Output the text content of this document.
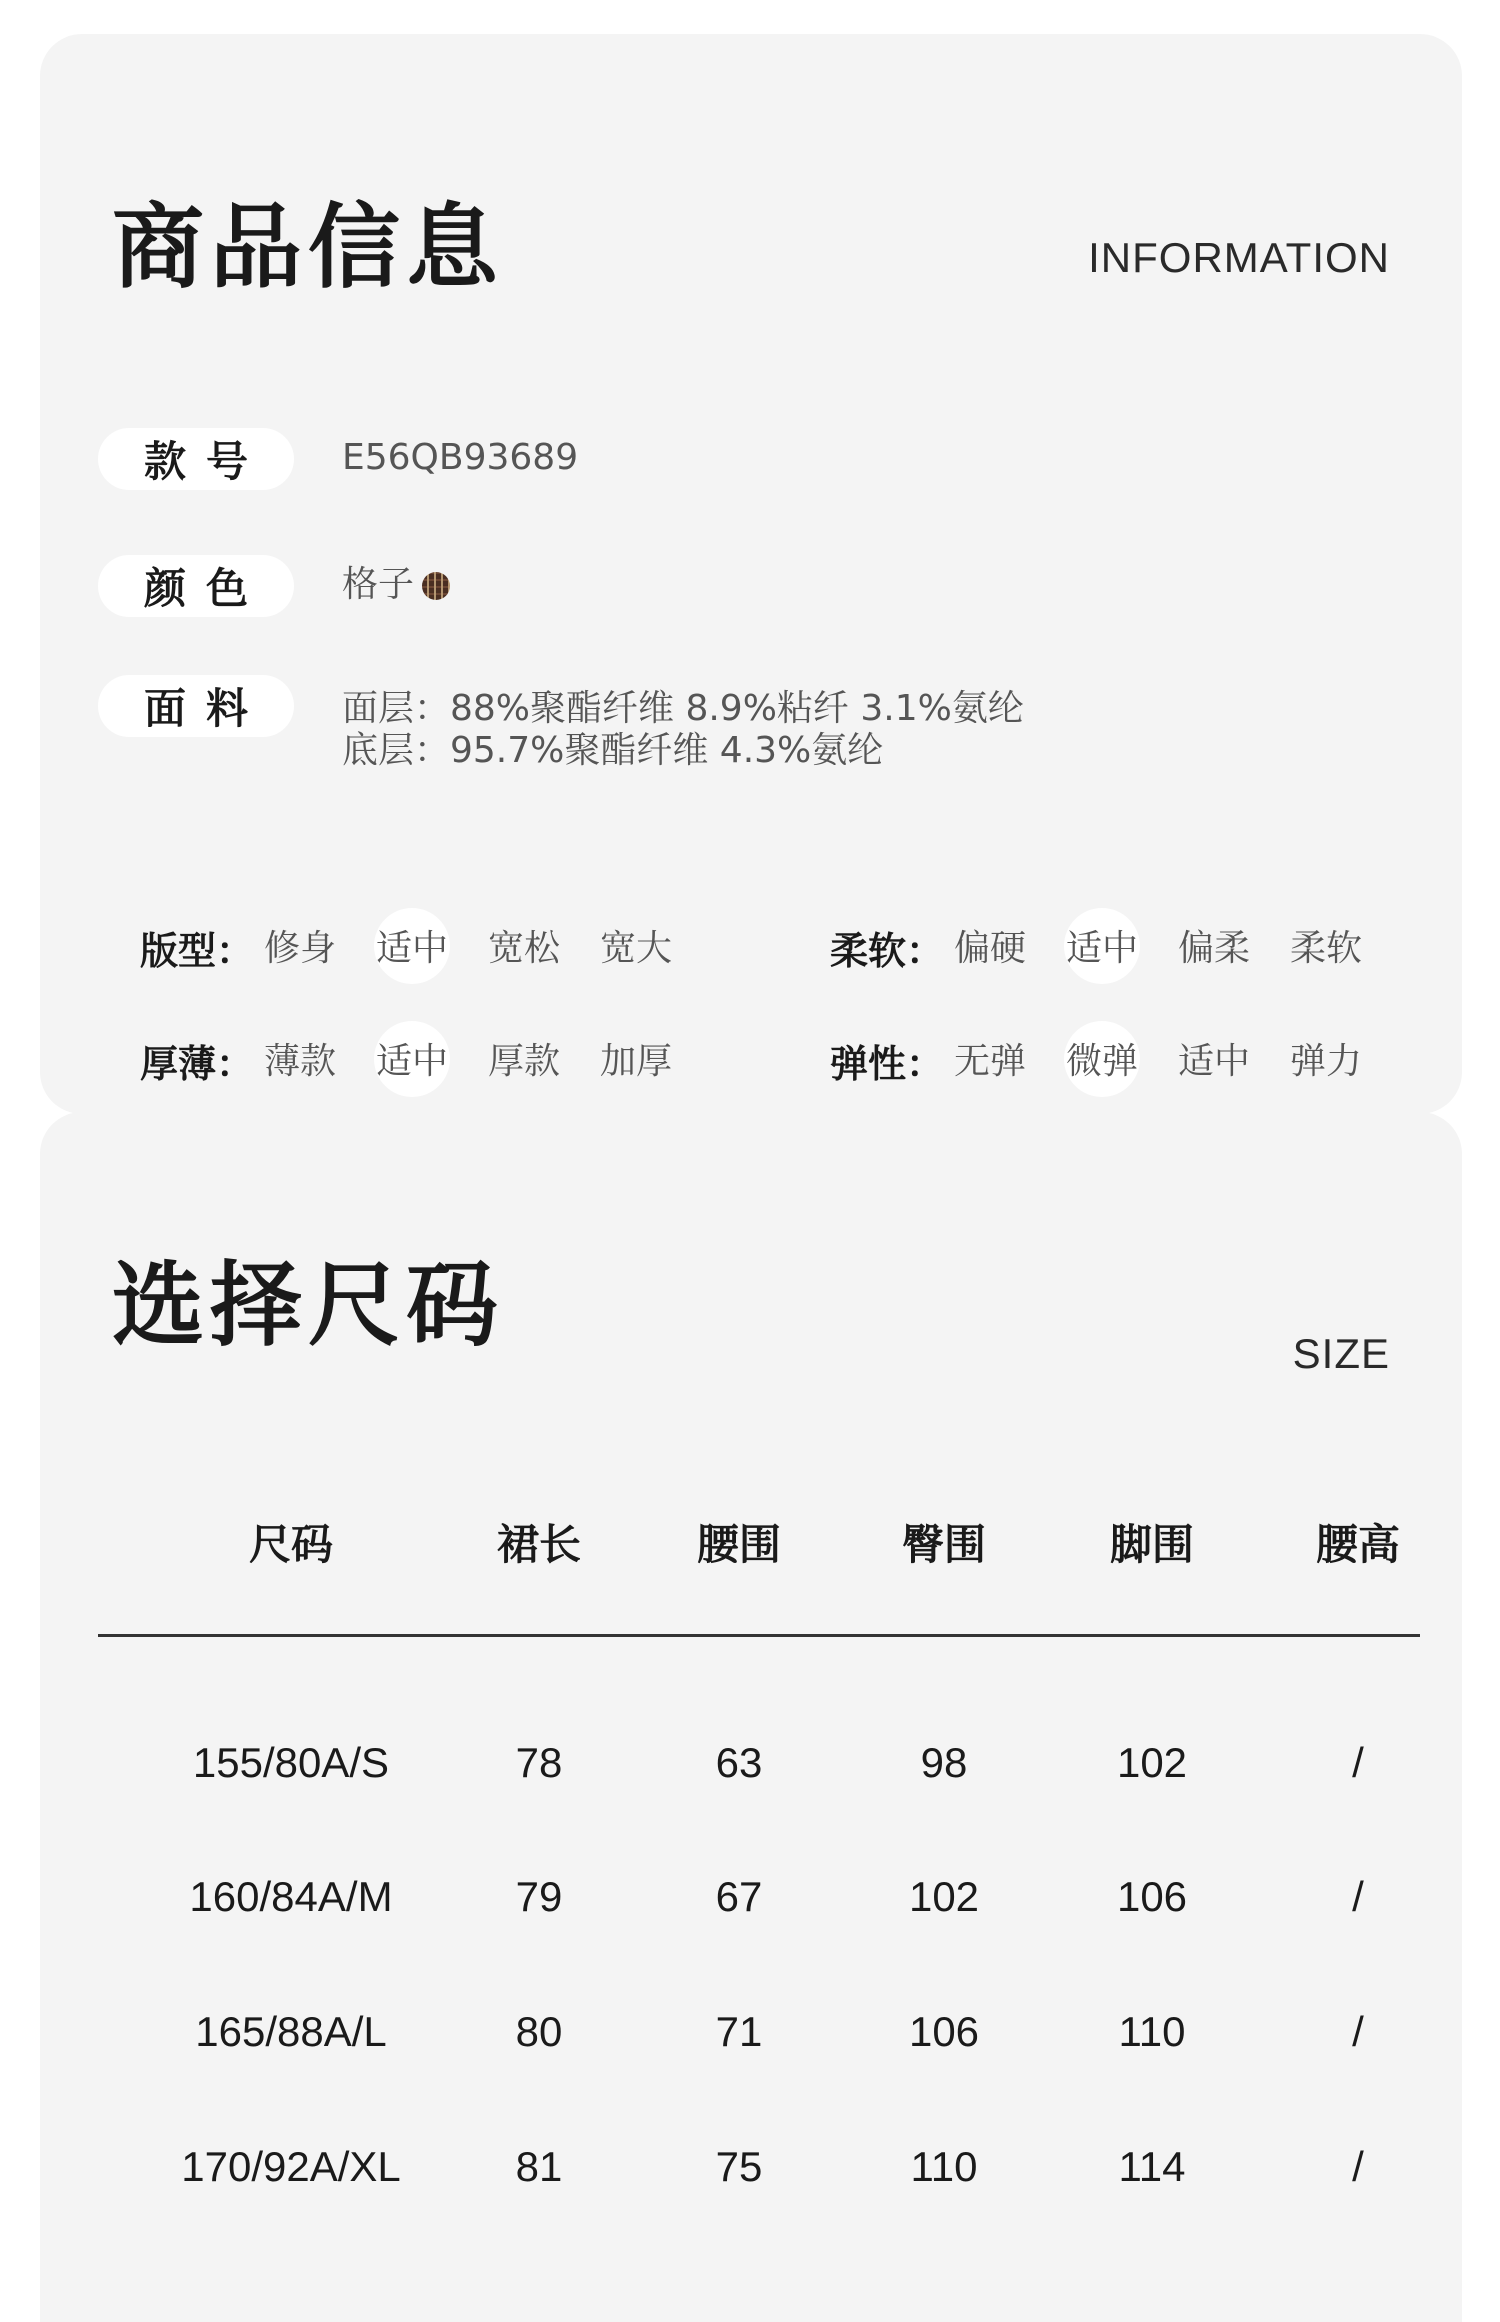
商品信息	INFORMATION
款号	E56QB93689
颜色	格子
面料	面层：88%聚酯纤维 8.9%粘纤 3.1%氨纶
底层：95.7%聚酯纤维 4.3%氨纶
版型： 修身 适中 宽松 宽大	柔软： 偏硬 适中 偏柔 柔软
厚薄： 薄款 适中 厚款 加厚	弹性： 无弹 微弹 适中 弹力
选择尺码	SIZE
尺码	裙长	腰围	臀围	脚围	腰高
155/80A/S	78	63	98	102	/
160/84A/M	79	67	102	106	/
165/88A/L	80	71	106	110	/
170/92A/XL	81	75	110	114	/
